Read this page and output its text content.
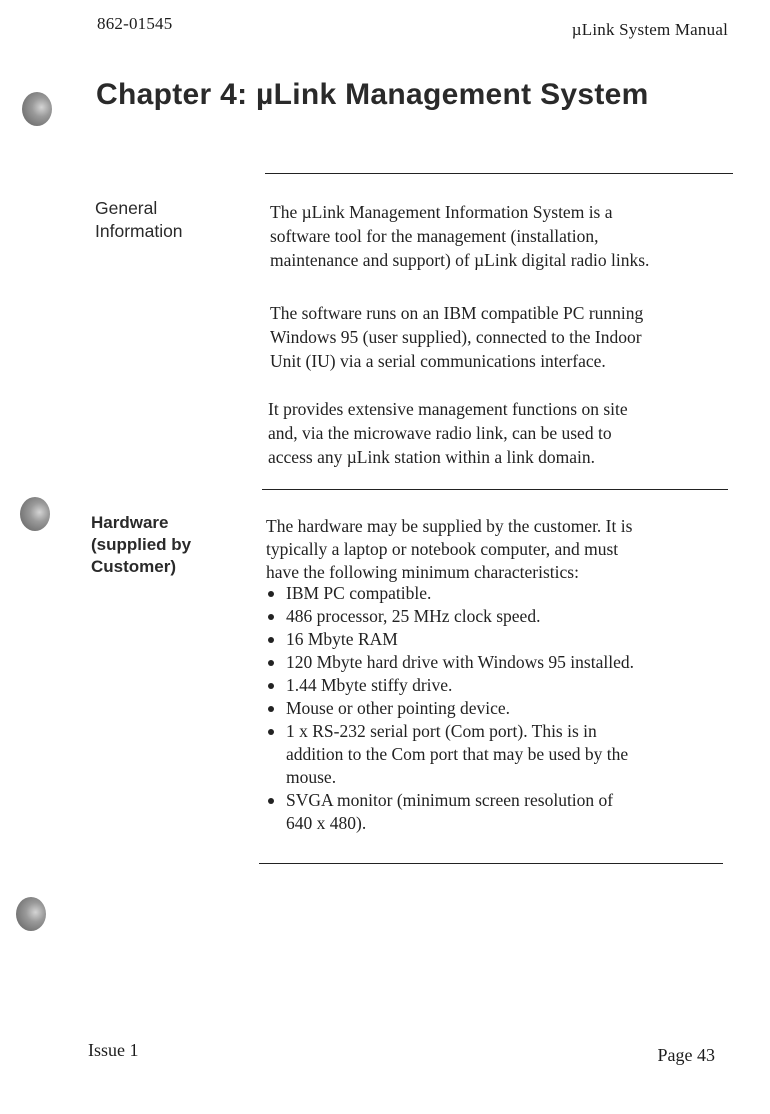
862-01545	µLink System Manual
Chapter 4: µLink Management System

General
Information

The µLink Management Information System is a
software tool for the management (installation,
maintenance and support) of µLink digital radio links.

The software runs on an IBM compatible PC running
Windows 95 (user supplied), connected to the Indoor
Unit (IU) via a serial communications interface.

It provides extensive management functions on site
and, via the microwave radio link, can be used to
access any µLink station within a link domain.

Hardware
(supplied by
Customer)

The hardware may be supplied by the customer. It is
typically a laptop or notebook computer, and must
have the following minimum characteristics:

IBM PC compatible.
486 processor, 25 MHz clock speed.
16 Mbyte RAM
120 Mbyte hard drive with Windows 95 installed.
1.44 Mbyte stiffy drive.
Mouse or other pointing device.
1 x RS-232 serial port (Com port). This is in
addition to the Com port that may be used by the
mouse.
SVGA monitor (minimum screen resolution of
640 x 480).
Issue 1	Page 43
